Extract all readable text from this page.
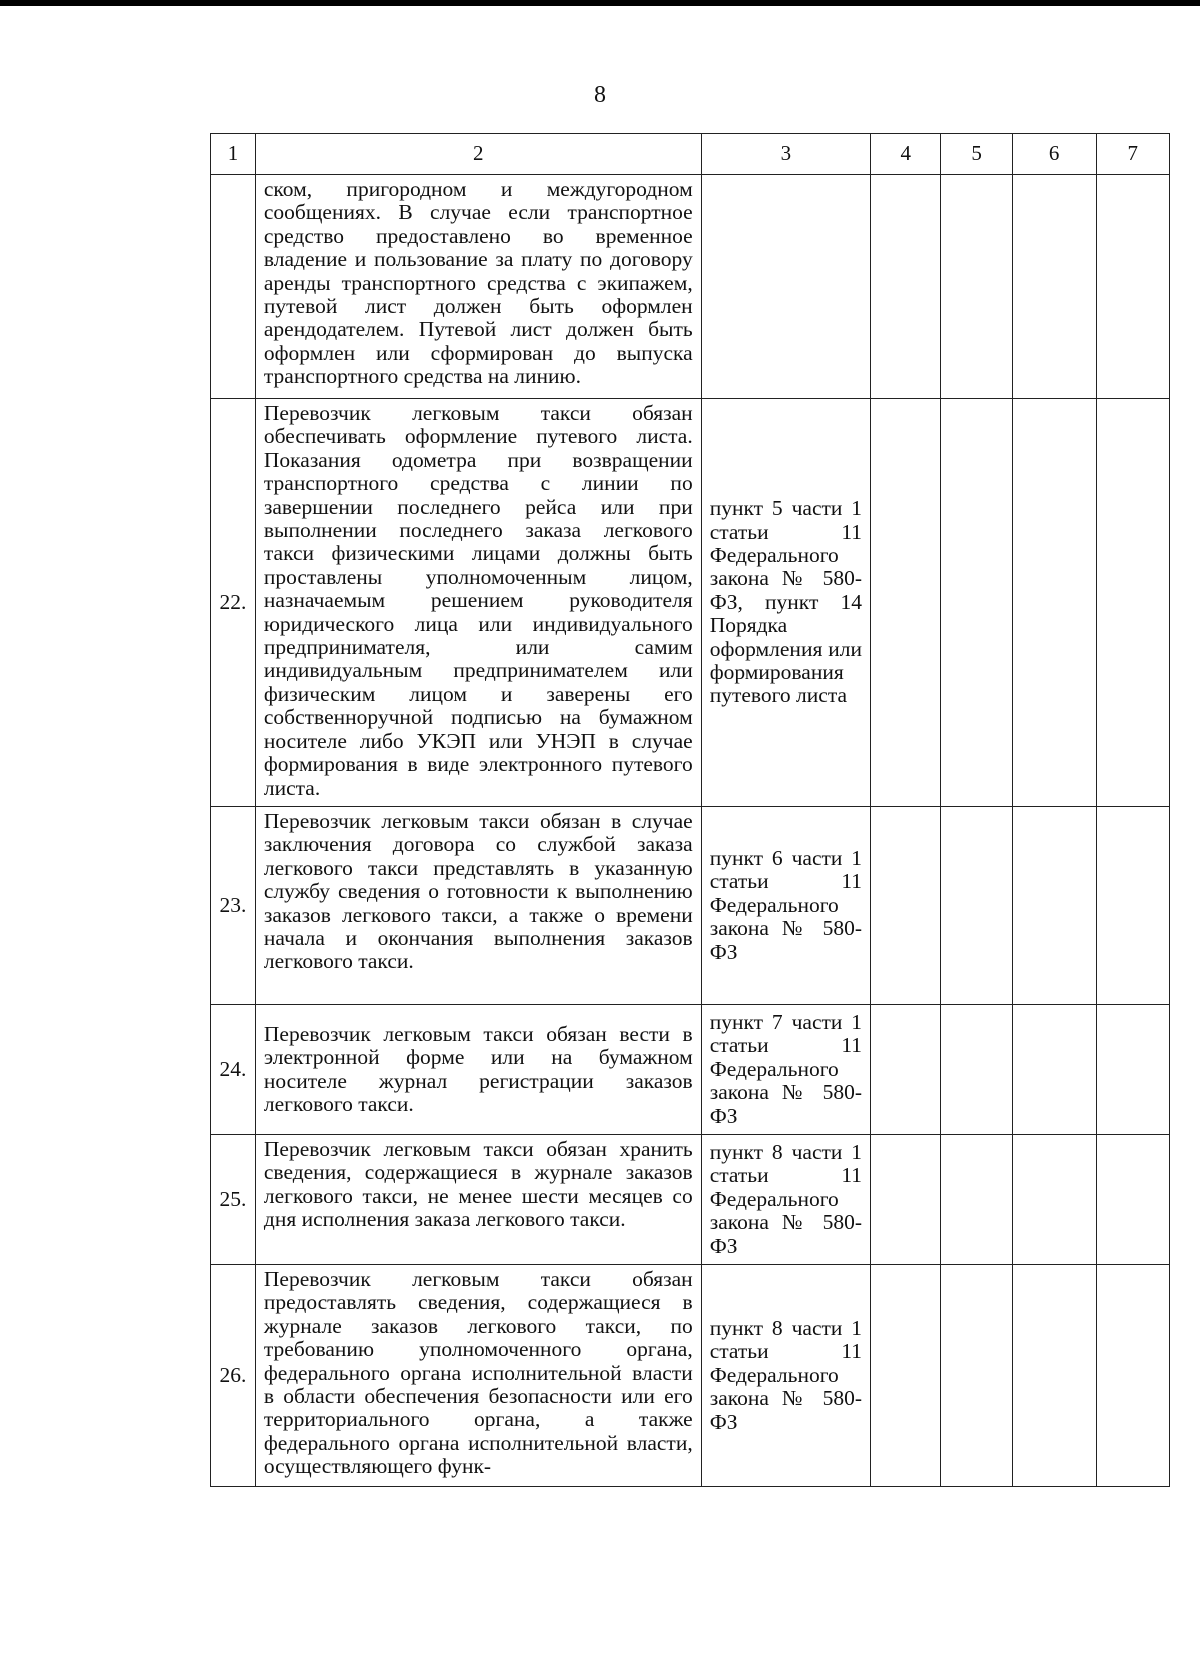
8
1	2	3	4	5	6	7
	ском, пригородном и междугородном сообщениях. В случае если транспортное средство предоставлено во временное владение и пользование за плату по договору аренды транспортного средства с экипажем, путевой лист должен быть оформлен арендодателем. Путевой лист должен быть оформлен или сформирован до выпуска транспортного средства на линию.					
22.	Перевозчик легковым такси обязан обеспечивать оформление путевого листа. Показания одометра при возвращении транспортного средства с линии по завершении последнего рейса или при выполнении последнего заказа легкового такси физическими лицами должны быть проставлены уполномоченным лицом, назначаемым решением руководителя юридического лица или индивидуального предпринимателя, или самим индивидуальным предпринимателем или физическим лицом и заверены его собственноручной подписью на бумажном носителе либо УКЭП или УНЭП в случае формирования в виде электронного путевого листа.	пункт 5 части 1 статьи 11 Федерального закона № 580-ФЗ, пункт 14 Порядка оформления или формирования путевого листа				
23.	Перевозчик легковым такси обязан в случае заключения договора со службой заказа легкового такси представлять в указанную службу сведения о готовности к выполнению заказов легкового такси, а также о времени начала и окончания выполнения заказов легкового такси.	пункт 6 части 1 статьи 11 Федерального закона № 580-ФЗ				
24.	Перевозчик легковым такси обязан вести в электронной форме или на бумажном носителе журнал регистрации заказов легкового такси.	пункт 7 части 1 статьи 11 Федерального закона № 580-ФЗ				
25.	Перевозчик легковым такси обязан хранить сведения, содержащиеся в журнале заказов легкового такси, не менее шести месяцев со дня исполнения заказа легкового такси.	пункт 8 части 1 статьи 11 Федерального закона № 580-ФЗ				
26.	Перевозчик легковым такси обязан предоставлять сведения, содержащиеся в журнале заказов легкового такси, по требованию уполномоченного органа, федерального органа исполнительной власти в области обеспечения безопасности или его территориального органа, а также федерального органа исполнительной власти, осуществляющего функ-	пункт 8 части 1 статьи 11 Федерального закона № 580-ФЗ				
